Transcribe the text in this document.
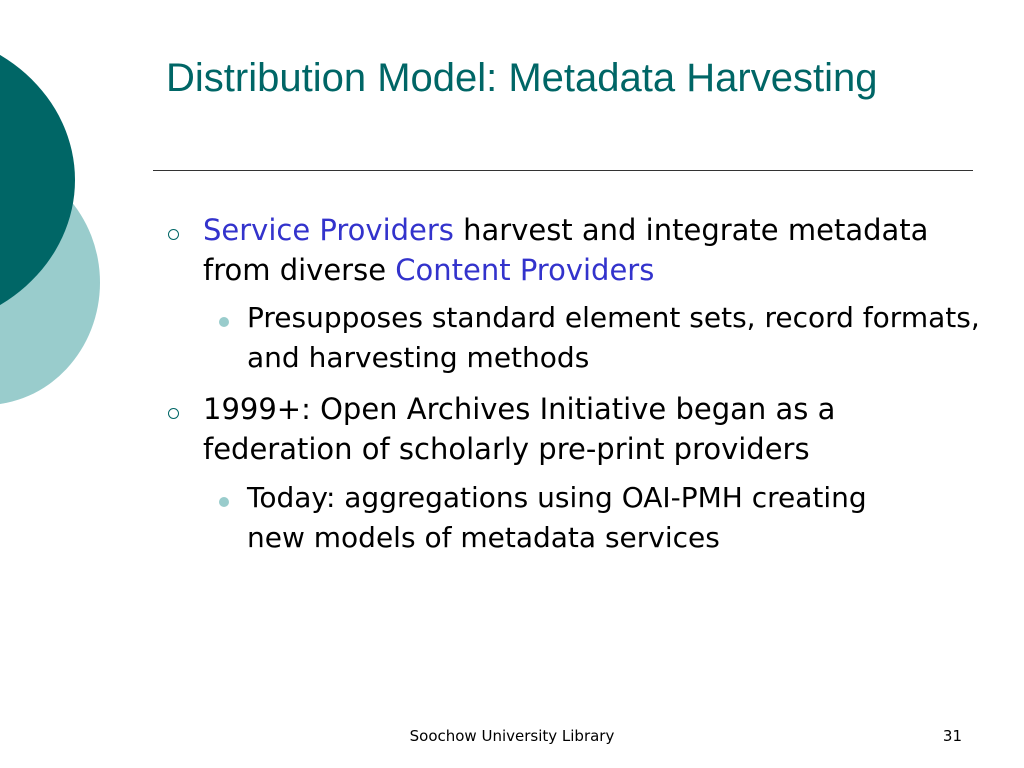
Distribution Model: Metadata Harvesting
Service Providers harvest and integrate metadata from diverse Content Providers
Presupposes standard element sets, record formats, and harvesting methods
1999+: Open Archives Initiative began as a federation of scholarly pre-print providers
Today: aggregations using OAI-PMH creating new models of metadata services
Soochow University Library	31
